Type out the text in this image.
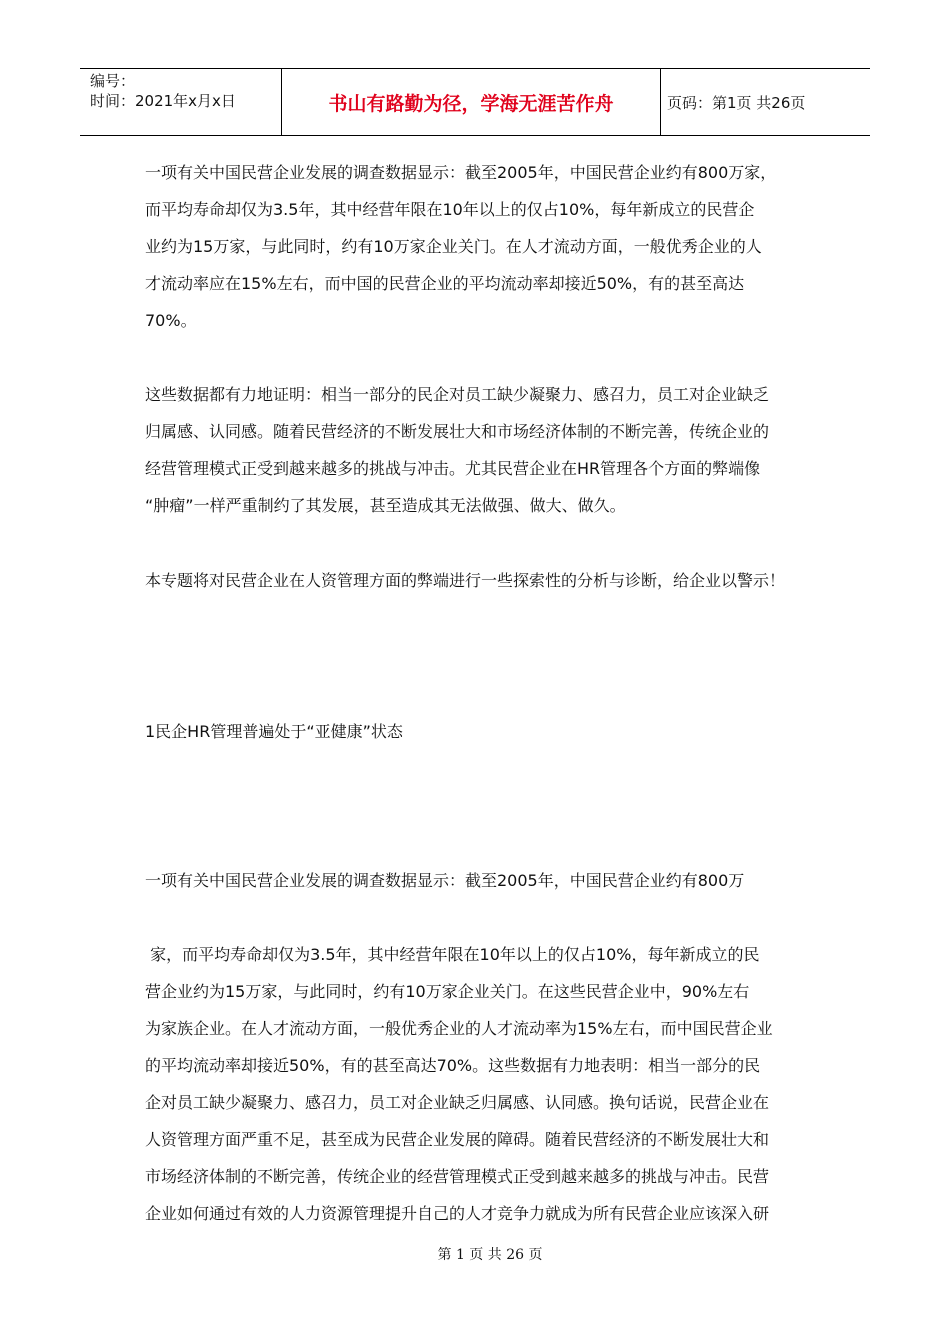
编号：
时间：2021年x月x日	书山有路勤为径，学海无涯苦作舟	页码：第1页 共26页
一项有关中国民营企业发展的调查数据显示：截至2005年，中国民营企业约有800万家，
而平均寿命却仅为3.5年，其中经营年限在10年以上的仅占10%，每年新成立的民营企
业约为15万家，与此同时，约有10万家企业关门。在人才流动方面，一般优秀企业的人
才流动率应在15%左右，而中国的民营企业的平均流动率却接近50%，有的甚至高达
70%。
这些数据都有力地证明：相当一部分的民企对员工缺少凝聚力、感召力，员工对企业缺乏
归属感、认同感。随着民营经济的不断发展壮大和市场经济体制的不断完善，传统企业的
经营管理模式正受到越来越多的挑战与冲击。尤其民营企业在HR管理各个方面的弊端像
“肿瘤”一样严重制约了其发展，甚至造成其无法做强、做大、做久。
本专题将对民营企业在人资管理方面的弊端进行一些探索性的分析与诊断，给企业以警示！
1民企HR管理普遍处于“亚健康”状态
一项有关中国民营企业发展的调查数据显示：截至2005年，中国民营企业约有800万
家，而平均寿命却仅为3.5年，其中经营年限在10年以上的仅占10%，每年新成立的民
营企业约为15万家，与此同时，约有10万家企业关门。在这些民营企业中，90%左右
为家族企业。在人才流动方面，一般优秀企业的人才流动率为15%左右，而中国民营企业
的平均流动率却接近50%，有的甚至高达70%。这些数据有力地表明：相当一部分的民
企对员工缺少凝聚力、感召力，员工对企业缺乏归属感、认同感。换句话说，民营企业在
人资管理方面严重不足，甚至成为民营企业发展的障碍。随着民营经济的不断发展壮大和
市场经济体制的不断完善，传统企业的经营管理模式正受到越来越多的挑战与冲击。民营
企业如何通过有效的人力资源管理提升自己的人才竞争力就成为所有民营企业应该深入研
第 1 页 共 26 页
